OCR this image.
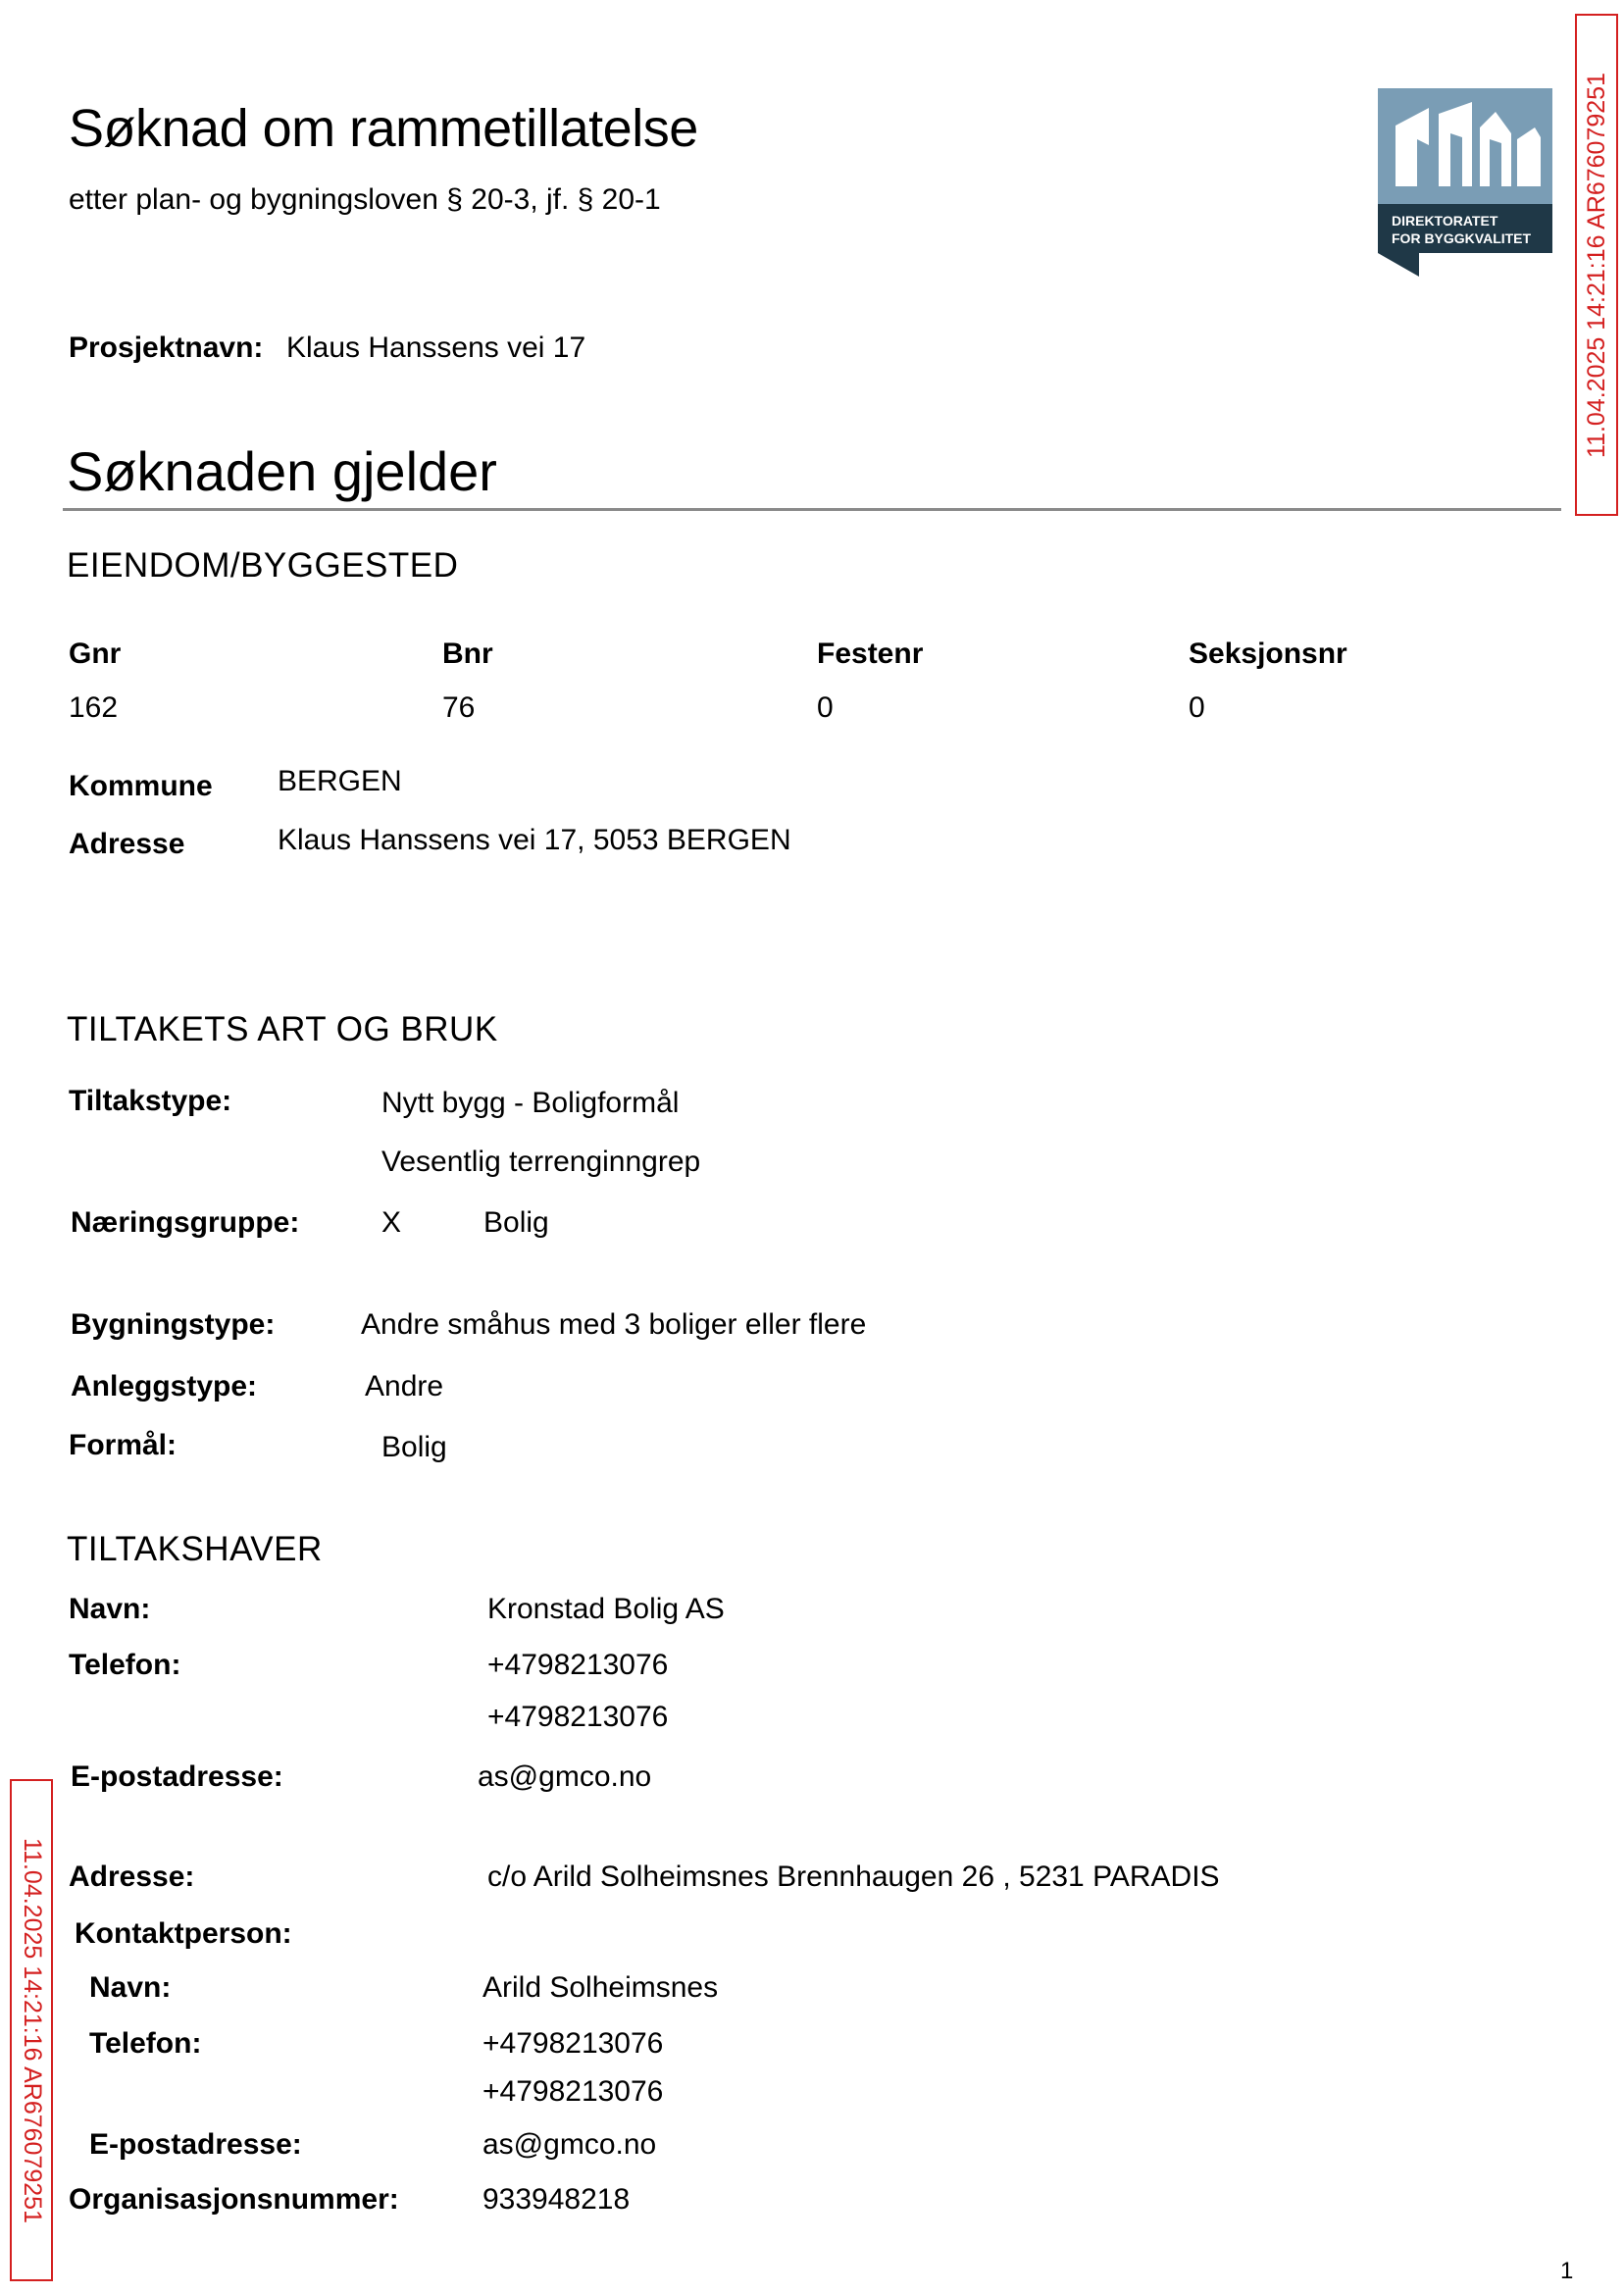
Søknad om rammetillatelse
etter plan- og bygningsloven § 20-3, jf. § 20-1
DIREKTORATET
FOR BYGGKVALITET 11.04.2025 14:21:16 AR676079251
11.04.2025 14:21:16 AR676079251
Prosjektnavn: Klaus Hanssens vei 17
Søknaden gjelder
EIENDOM/BYGGESTED
Gnr	Bnr	Festenr	Seksjonsnr
162	76	0	0
Kommune BERGEN
Adresse	Klaus Hanssens vei 17, 5053 BERGEN
TILTAKETS ART OG BRUK
Tiltakstype:	Nytt bygg - Boligformål
Vesentlig terrenginngrep
Næringsgruppe:	X	Bolig
Bygningstype:	Andre småhus med 3 boliger eller flere
Anleggstype:	Andre
Formål:	Bolig
TILTAKSHAVER
Navn:	Kronstad Bolig AS
Telefon:	+4798213076
+4798213076
E-postadresse:	as@gmco.no
Adresse:	c/o Arild Solheimsnes Brennhaugen 26 , 5231 PARADIS
Kontaktperson:
Navn:	Arild Solheimsnes
Telefon:	+4798213076
+4798213076
E-postadresse:	as@gmco.no
Organisasjonsnummer:	933948218
1
